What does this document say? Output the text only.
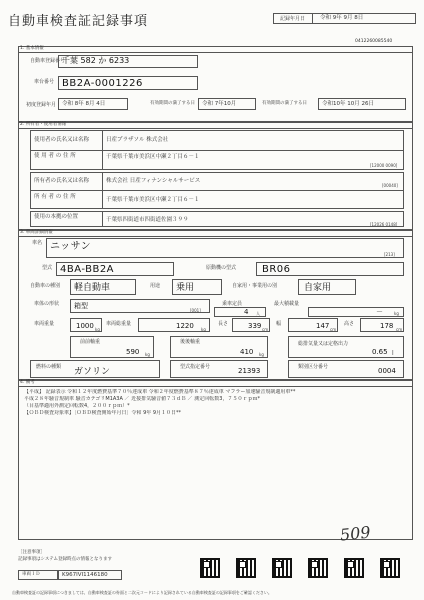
自動車検査証記録事項	記録年月日	令和 9年 9月 8日
0412260085540
1. 基本情報
自動車登録番号
千葉 582 か 6233
車台番号 BB2A-0001226
初度登録年月 令和 8年 8月 4日	有効期間の満了する日 令和 7年10月	有効期間の満了する日	令和10年 10月 26日
2. 所有者・使用者情報
使用者の氏名又は名称	日産プラザソル 株式会社
使 用 者 の 住 所	千葉県千葉市美浜区中瀬２丁目６－１
[12000 0090]
所有者の氏名又は名称	株式会社 日産フィナンシャルサービス
[00040]
所 有 者 の 住 所	千葉県千葉市美浜区中瀬２丁目６－１
使用の本拠の位置	千葉県四街道市四街道佐園３９９
[12026 0148]
3. 車両詳細情報
車名 ニッサン
[213]
型式 4BA-BB2A	原動機の型式	BR06
自動車の種別 軽自動車	用途 乗用	自家用・事業用の別	自家用
車体の形状 箱型
[001]
乗車定員
4 人
最大積載量
－	kg
車両重量	1000 kg
車両総重量	1220 kg
長さ	339 cm
幅	147 cm
高さ	178 cm
前前軸重
590 kg
後後軸重
410 kg
総排気量又は定格出力
0.65 l
燃料の種類 ガソリン	型式指定番号	21393	類別区分番号	0004
4. 備考
【平成】 記録表示 令和１２年度燃費基準７０％達成車 令和２年度燃費基準８７％達成車 マフラー加速騒音規制適用車**
平成２８年騒音規制車 騒音カテゴリM1A3A ／ 近接排気騒音値７３ｄＢ ／ 測定回転数3，７５０ｒｐｍ*
（目基準適用外測定回転数4，２００ｒｐｍ）*
【ＯＢＤ検査対象車】［ＯＢＤ検査開始年月日］令和 9年 9月１０日**
509
［注意事項］
記録事項はシステム登録時点の情報となります
車両ＩＤ	K967IVI1146180
自動車検査証の記録事項につきましては、自動車検査証の券面と二次元コードにより記録されている自動車検査証の記録事項をご確認ください。
